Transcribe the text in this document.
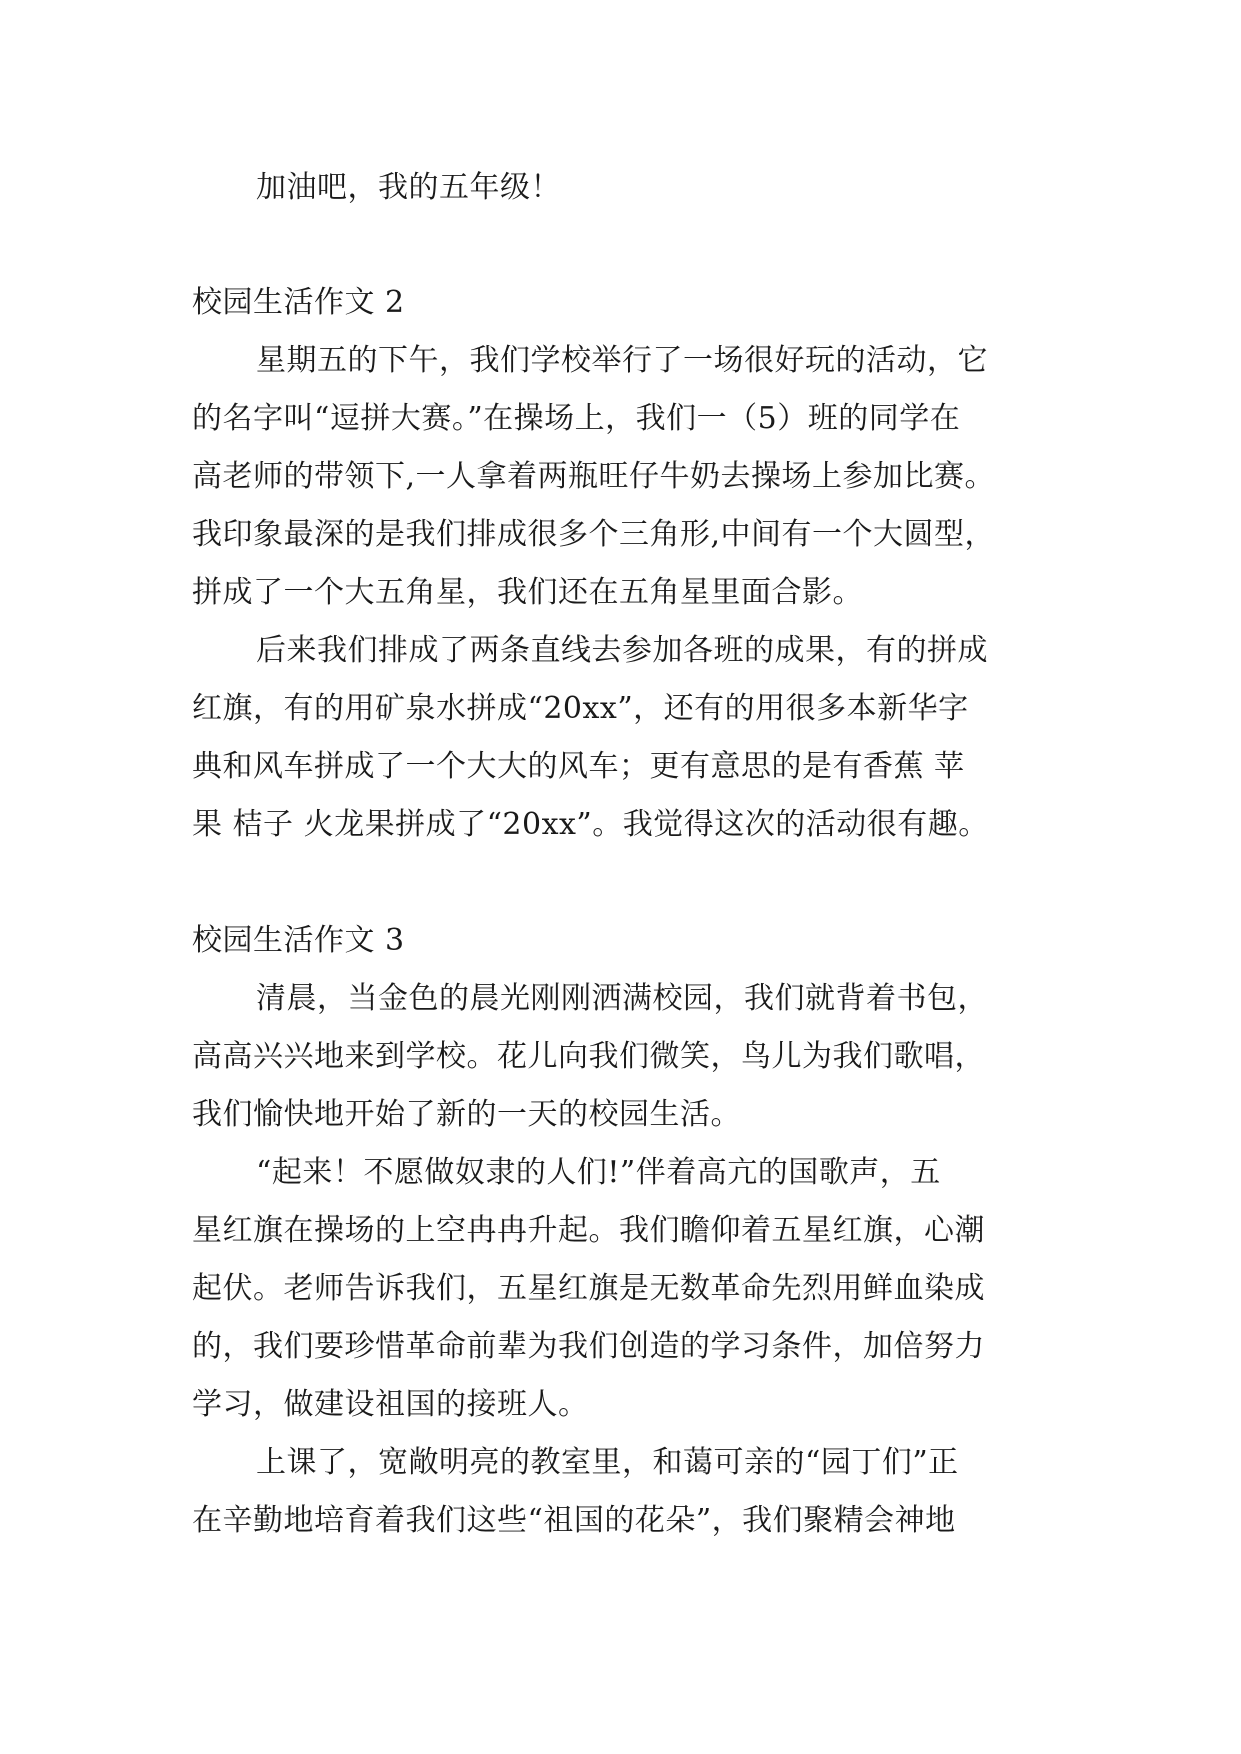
加油吧，我的五年级！
校园生活作文 2
星期五的下午，我们学校举行了一场很好玩的活动，它
的名字叫“逗拼大赛。”在操场上，我们一（5）班的同学在
高老师的带领下,一人拿着两瓶旺仔牛奶去操场上参加比赛。
我印象最深的是我们排成很多个三角形,中间有一个大圆型，
拼成了一个大五角星，我们还在五角星里面合影。
后来我们排成了两条直线去参加各班的成果，有的拼成
红旗，有的用矿泉水拼成“20xx”，还有的用很多本新华字
典和风车拼成了一个大大的风车；更有意思的是有香蕉 苹
果 桔子 火龙果拼成了“20xx”。我觉得这次的活动很有趣。
校园生活作文 3
清晨，当金色的晨光刚刚洒满校园，我们就背着书包，
高高兴兴地来到学校。花儿向我们微笑，鸟儿为我们歌唱，
我们愉快地开始了新的一天的校园生活。
“起来！不愿做奴隶的人们!”伴着高亢的国歌声，五
星红旗在操场的上空冉冉升起。我们瞻仰着五星红旗，心潮
起伏。老师告诉我们，五星红旗是无数革命先烈用鲜血染成
的，我们要珍惜革命前辈为我们创造的学习条件，加倍努力
学习，做建设祖国的接班人。
上课了，宽敞明亮的教室里，和蔼可亲的“园丁们”正
在辛勤地培育着我们这些“祖国的花朵”，我们聚精会神地
